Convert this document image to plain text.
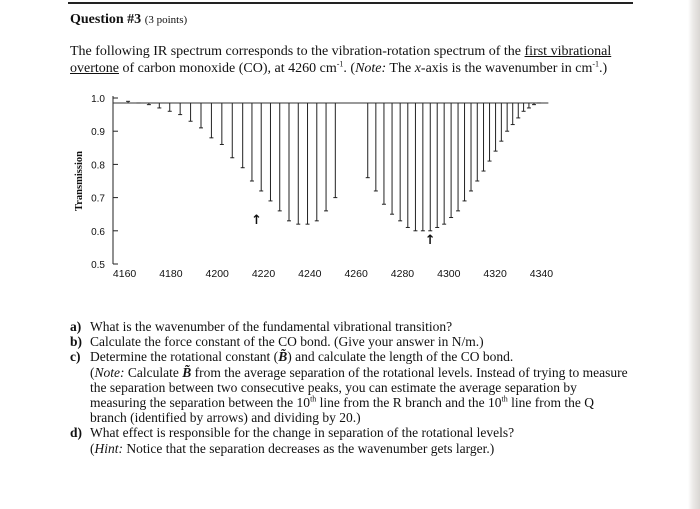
Question #3 (3 points)
The following IR spectrum corresponds to the vibration-rotation spectrum of the first vibrational overtone of carbon monoxide (CO), at 4260 $cm^{-1}$. (Note: The x-axis is the wavenumber in $cm^{-1}$.)
1.0
0.9
0.8
0.7
0.6
0.5
Transmission
4160 4180 4200 4220 4240 4260 4280 4300 4320 4340
↑
↑
a) What is the wavenumber of the fundamental vibrational transition?
b) Calculate the force constant of the CO bond. (Give your answer in N/m.)
c) Determine the rotational constant (B̃) and calculate the length of the CO bond.
(Note: Calculate B̃ from the average separation of the rotational levels. Instead of trying to measure the separation between two consecutive peaks, you can estimate the average separation by measuring the separation between the 10th line from the R branch and the 10th line from the Q branch (identified by arrows) and dividing by 20.)
d) What effect is responsible for the change in separation of the rotational levels?
(Hint: Notice that the separation decreases as the wavenumber gets larger.)
